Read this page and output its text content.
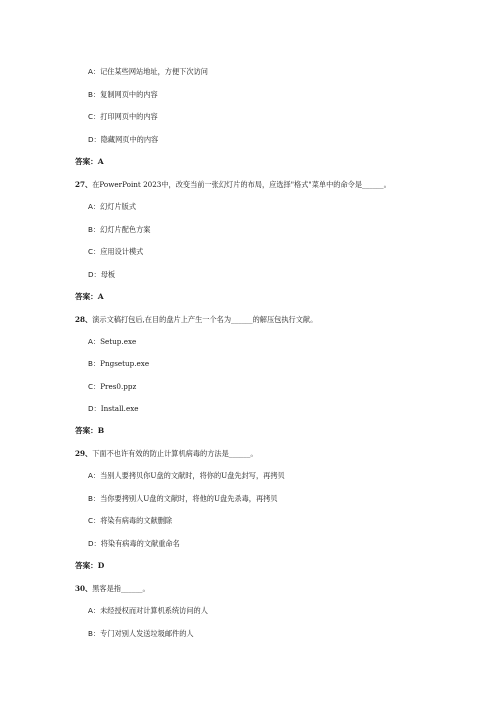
A：记住某些网站地址，方便下次访问
B：复制网页中的内容
C：打印网页中的内容
D：隐藏网页中的内容
答案：A
27、在PowerPoint 2023中，改变当前一张幻灯片的布局，应选择"格式"菜单中的命令是______。
A：幻灯片版式
B：幻灯片配色方案
C：应用设计模式
D：母板
答案：A
28、演示文稿打包后,在目的盘片上产生一个名为______的解压包执行文献。
A：Setup.exe
B：Pngsetup.exe
C：Pres0.ppz
D：Install.exe
答案：B
29、下面不也许有效的防止计算机病毒的方法是______。
A：当别人要拷贝你U盘的文献时，将你的U盘先封写，再拷贝
B：当你要拷别人U盘的文献时，将他的U盘先杀毒，再拷贝
C：将染有病毒的文献删除
D：将染有病毒的文献重命名
答案：D
30、黑客是指______。
A：未经授权而对计算机系统访问的人
B：专门对别人发送垃圾邮件的人
